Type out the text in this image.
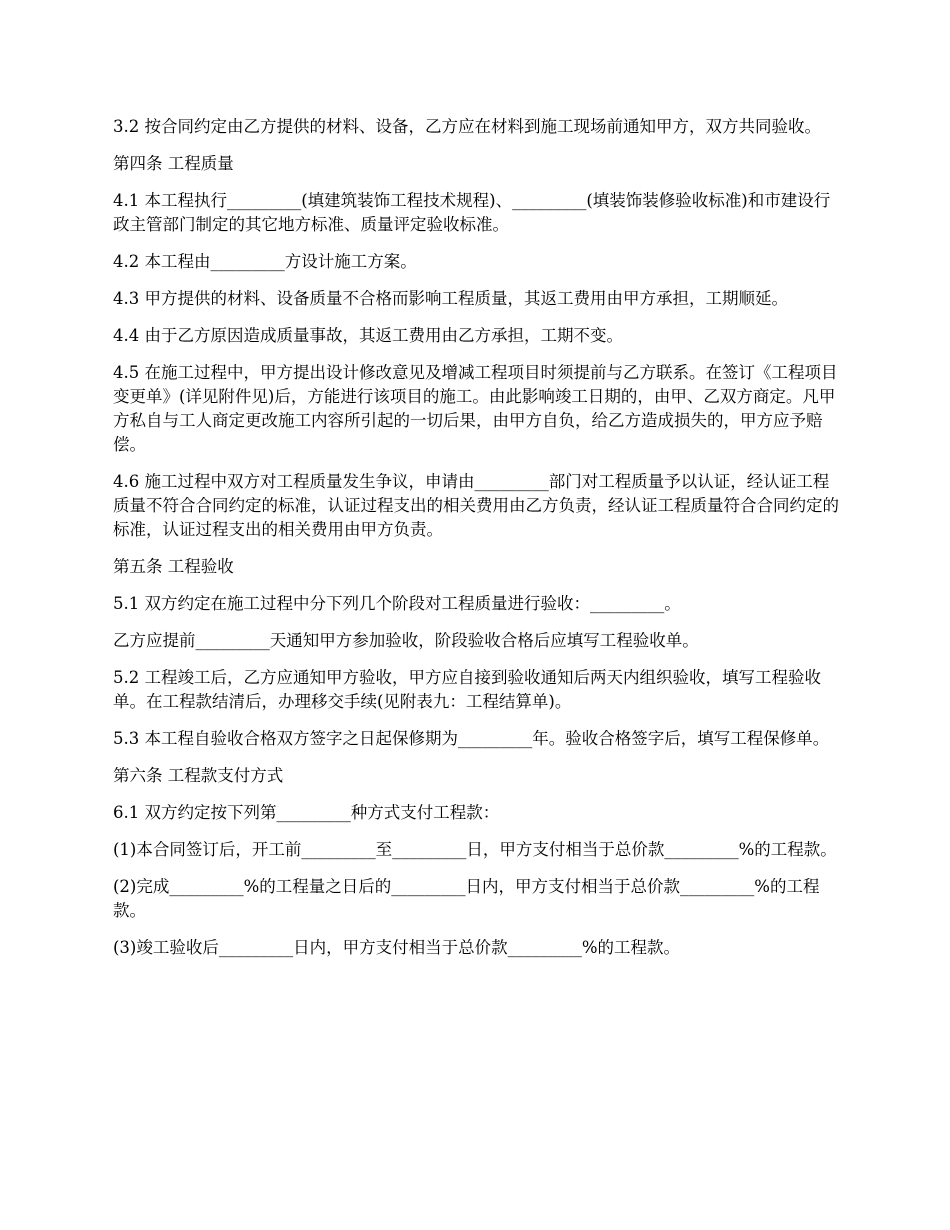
3.2 按合同约定由乙方提供的材料、设备，乙方应在材料到施工现场前通知甲方，双方共同验收。

第四条 工程质量

4.1 本工程执行_________(填建筑装饰工程技术规程)、_________(填装饰装修验收标准)和市建设行政主管部门制定的其它地方标准、质量评定验收标准。

4.2 本工程由_________方设计施工方案。

4.3 甲方提供的材料、设备质量不合格而影响工程质量，其返工费用由甲方承担，工期顺延。

4.4 由于乙方原因造成质量事故，其返工费用由乙方承担，工期不变。

4.5 在施工过程中，甲方提出设计修改意见及增减工程项目时须提前与乙方联系。在签订《工程项目变更单》(详见附件见)后，方能进行该项目的施工。由此影响竣工日期的，由甲、乙双方商定。凡甲方私自与工人商定更改施工内容所引起的一切后果，由甲方自负，给乙方造成损失的，甲方应予赔偿。

4.6 施工过程中双方对工程质量发生争议，申请由_________部门对工程质量予以认证，经认证工程质量不符合合同约定的标准，认证过程支出的相关费用由乙方负责，经认证工程质量符合合同约定的标准，认证过程支出的相关费用由甲方负责。

第五条 工程验收

5.1 双方约定在施工过程中分下列几个阶段对工程质量进行验收：_________。

乙方应提前_________天通知甲方参加验收，阶段验收合格后应填写工程验收单。

5.2 工程竣工后，乙方应通知甲方验收，甲方应自接到验收通知后两天内组织验收，填写工程验收单。在工程款结清后，办理移交手续(见附表九：工程结算单)。

5.3 本工程自验收合格双方签字之日起保修期为_________年。验收合格签字后，填写工程保修单。

第六条 工程款支付方式

6.1 双方约定按下列第_________种方式支付工程款：

(1)本合同签订后，开工前_________至_________日，甲方支付相当于总价款_________%的工程款。

(2)完成_________%的工程量之日后的_________日内，甲方支付相当于总价款_________%的工程款。

(3)竣工验收后_________日内，甲方支付相当于总价款_________%的工程款。
